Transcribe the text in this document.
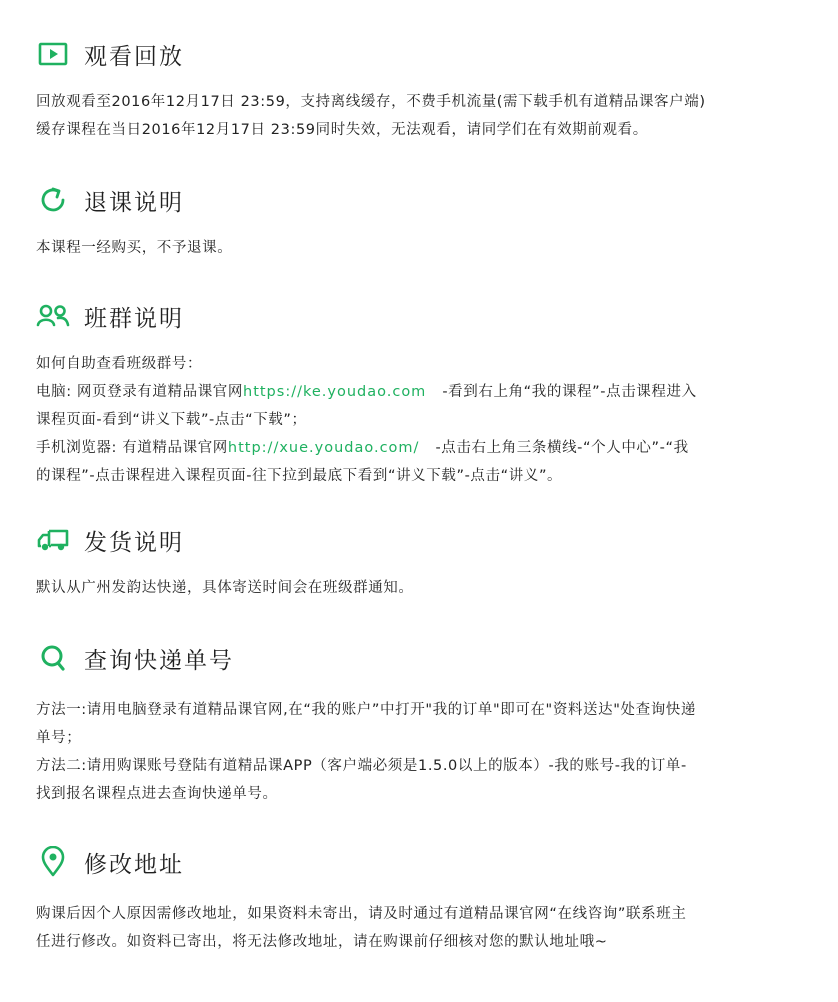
观看回放

回放观看至2016年12月17日 23:59，支持离线缓存，不费手机流量(需下载手机有道精品课客户端)

缓存课程在当日2016年12月17日 23:59同时失效，无法观看，请同学们在有效期前观看。

退课说明

本课程一经购买，不予退课。

班群说明

如何自助查看班级群号：

电脑: 网页登录有道精品课官网https://ke.youdao.com -看到右上角“我的课程”-点击课程进入

课程页面-看到“讲义下载”-点击“下载”；

手机浏览器: 有道精品课官网http://xue.youdao.com/ -点击右上角三条横线-“个人中心”-“我

的课程”-点击课程进入课程页面-往下拉到最底下看到“讲义下载”-点击“讲义”。

发货说明

默认从广州发韵达快递，具体寄送时间会在班级群通知。

查询快递单号

方法一:请用电脑登录有道精品课官网,在“我的账户”中打开"我的订单"即可在"资料送达"处查询快递

单号；

方法二:请用购课账号登陆有道精品课APP（客户端必须是1.5.0以上的版本）-我的账号-我的订单-

找到报名课程点进去查询快递单号。

修改地址

购课后因个人原因需修改地址，如果资料未寄出，请及时通过有道精品课官网“在线咨询”联系班主

任进行修改。如资料已寄出，将无法修改地址，请在购课前仔细核对您的默认地址哦~
